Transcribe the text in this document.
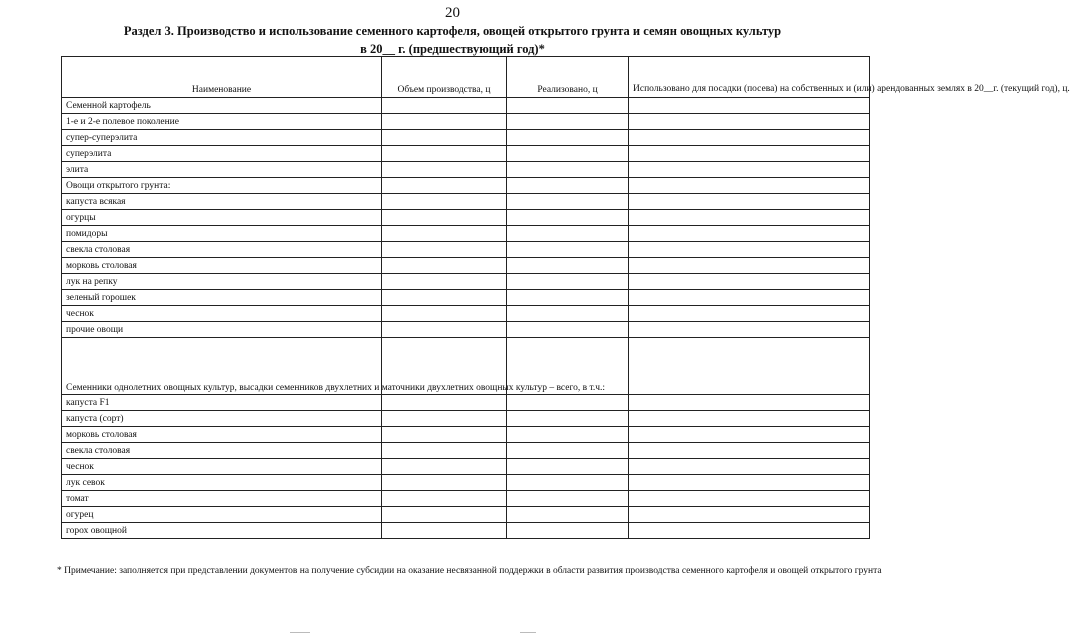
20
Раздел 3. Производство и использование семенного картофеля, овощей открытого грунта и семян овощных культур
в 20__ г. (предшествующий год)*
Наименование	Объем производства, ц	Реализовано, ц	Использовано для посадки (посева) на собственных и (или) арендованных землях в 20__г. (текущий год), ц.
Семенной картофель			
1-е и 2-е полевое поколение			
супер-суперэлита			
суперэлита			
элита			
Овощи открытого грунта:			
капуста всякая			
огурцы			
помидоры			
свекла столовая			
морковь столовая			
лук на репку			
зеленый горошек			
чеснок			
прочие овощи			
Семенники однолетних овощных культур, высадки семенников двухлетних и маточники двухлетних овощных культур – всего, в т.ч.:			
капуста F1			
капуста (сорт)			
морковь столовая			
свекла столовая			
чеснок			
лук севок			
томат			
огурец			
горох овощной			
* Примечание: заполняется при представлении документов на получение субсидии на оказание несвязанной поддержки в области развития производства семенного картофеля и овощей открытого грунта
